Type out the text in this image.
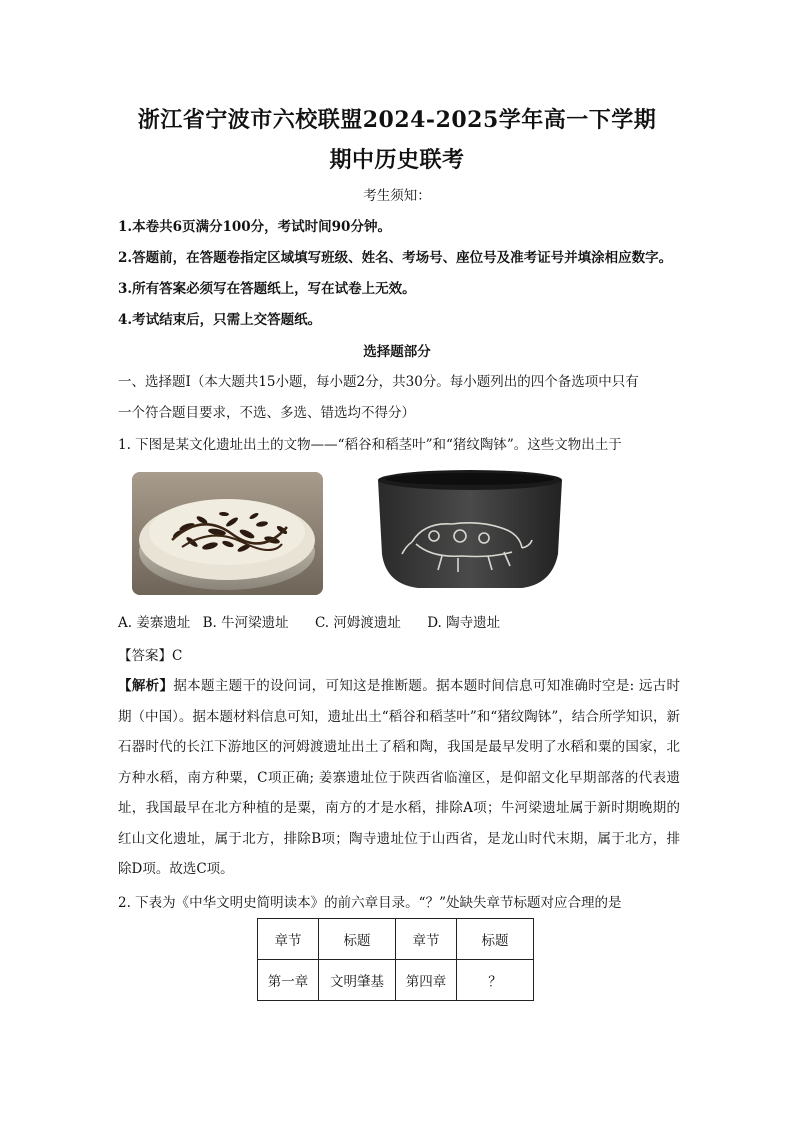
浙江省宁波市六校联盟2024-2025学年高一下学期
期中历史联考
考生须知：
1.本卷共6页满分100分，考试时间90分钟。
2.答题前，在答题卷指定区域填写班级、姓名、考场号、座位号及准考证号并填涂相应数字。
3.所有答案必须写在答题纸上，写在试卷上无效。
4.考试结束后，只需上交答题纸。
选择题部分
一、选择题Ⅰ（本大题共15小题，每小题2分，共30分。每小题列出的四个备选项中只有
一个符合题目要求，不选、多选、错选均不得分）
1. 下图是某文化遗址出土的文物——“稻谷和稻茎叶”和“猪纹陶钵”。这些文物出土于
A. 姜寨遗址 B. 牛河梁遗址 C. 河姆渡遗址 D. 陶寺遗址
【答案】C
【解析】据本题主题干的设问词，可知这是推断题。据本题时间信息可知准确时空是: 远古时期（中国）。据本题材料信息可知，遗址出土“稻谷和稻茎叶”和“猪纹陶钵”，结合所学知识，新石器时代的长江下游地区的河姆渡遗址出土了稻和陶，我国是最早发明了水稻和粟的国家，北方种水稻，南方种粟，C项正确; 姜寨遗址位于陕西省临潼区，是仰韶文化早期部落的代表遗址，我国最早在北方种植的是粟，南方的才是水稻，排除A项；牛河梁遗址属于新时期晚期的红山文化遗址，属于北方，排除B项；陶寺遗址位于山西省，是龙山时代末期，属于北方，排除D项。故选C项。
2. 下表为《中华文明史简明读本》的前六章目录。“？”处缺失章节标题对应合理的是
章节	标题	章节	标题
第一章	文明肇基	第四章	？
